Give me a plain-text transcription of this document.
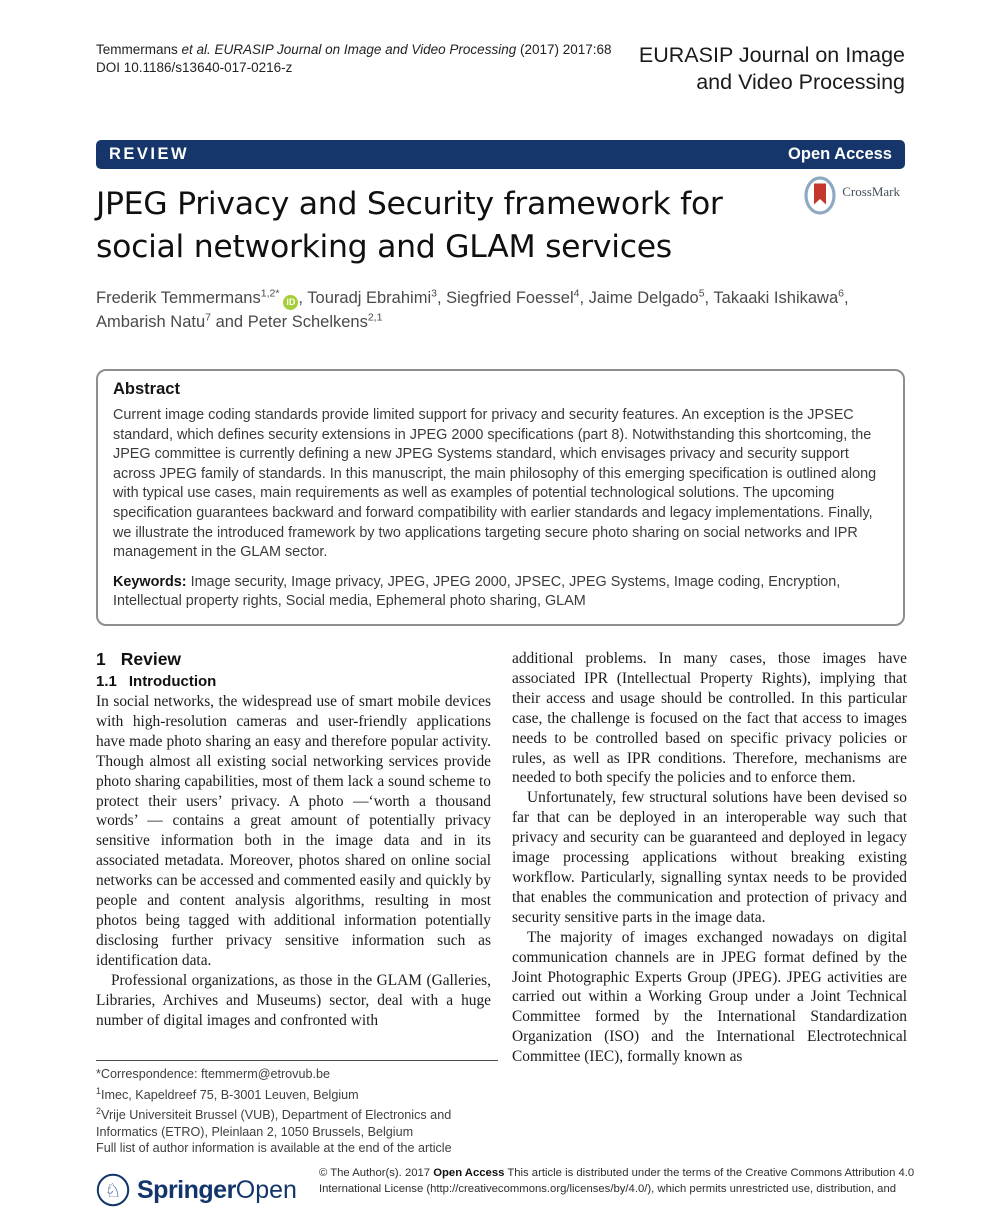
Temmermans et al. EURASIP Journal on Image and Video Processing (2017) 2017:68
DOI 10.1186/s13640-017-0216-z
EURASIP Journal on Image
and Video Processing
REVIEW	Open Access
CrossMark
JPEG Privacy and Security framework for
social networking and GLAM services
Frederik Temmermans$^{1,2*}$iD , Touradj Ebrahimi$^3$, Siegfried Foessel$^4$, Jaime Delgado$^5$, Takaaki Ishikawa$^6$,
Ambarish Natu$^7$ and Peter Schelkens$^{2,1}$
Abstract

Current image coding standards provide limited support for privacy and security features. An exception is the JPSEC standard, which defines security extensions in JPEG 2000 specifications (part 8). Notwithstanding this shortcoming, the JPEG committee is currently defining a new JPEG Systems standard, which envisages privacy and security support across JPEG family of standards. In this manuscript, the main philosophy of this emerging specification is outlined along with typical use cases, main requirements as well as examples of potential technological solutions. The upcoming specification guarantees backward and forward compatibility with earlier standards and legacy implementations. Finally, we illustrate the introduced framework by two applications targeting secure photo sharing on social networks and IPR management in the GLAM sector.

Keywords: Image security, Image privacy, JPEG, JPEG 2000, JPSEC, JPEG Systems, Image coding, Encryption, Intellectual property rights, Social media, Ephemeral photo sharing, GLAM

1 Review
1.1 Introduction

In social networks, the widespread use of smart mobile devices with high-resolution cameras and user-friendly applications have made photo sharing an easy and therefore popular activity. Though almost all existing social networking services provide photo sharing capabilities, most of them lack a sound scheme to protect their users’ privacy. A photo —‘worth a thousand words’ — contains a great amount of potentially privacy sensitive information both in the image data and in its associated metadata. Moreover, photos shared on online social networks can be accessed and commented easily and quickly by people and content analysis algorithms, resulting in most photos being tagged with additional information potentially disclosing further privacy sensitive information such as identification data.

Professional organizations, as those in the GLAM (Galleries, Libraries, Archives and Museums) sector, deal with a huge number of digital images and confronted with

additional problems. In many cases, those images have associated IPR (Intellectual Property Rights), implying that their access and usage should be controlled. In this particular case, the challenge is focused on the fact that access to images needs to be controlled based on specific privacy policies or rules, as well as IPR conditions. Therefore, mechanisms are needed to both specify the policies and to enforce them.

Unfortunately, few structural solutions have been devised so far that can be deployed in an interoperable way such that privacy and security can be guaranteed and deployed in legacy image processing applications without breaking existing workflow. Particularly, signalling syntax needs to be provided that enables the communication and protection of privacy and security sensitive parts in the image data.

The majority of images exchanged nowadays on digital communication channels are in JPEG format defined by the Joint Photographic Experts Group (JPEG). JPEG activities are carried out within a Working Group under a Joint Technical Committee formed by the International Standardization Organization (ISO) and the International Electrotechnical Committee (IEC), formally known as

*Correspondence: ftemmerm@etrovub.be

$^1$Imec, Kapeldreef 75, B-3001 Leuven, Belgium

$^2$Vrije Universiteit Brussel (VUB), Department of Electronics and Informatics (ETRO), Pleinlaan 2, 1050 Brussels, Belgium

Full list of author information is available at the end of the article

♘ SpringerOpen

© The Author(s). 2017 Open Access This article is distributed under the terms of the Creative Commons Attribution 4.0

International License (http://creativecommons.org/licenses/by/4.0/), which permits unrestricted use, distribution, and
